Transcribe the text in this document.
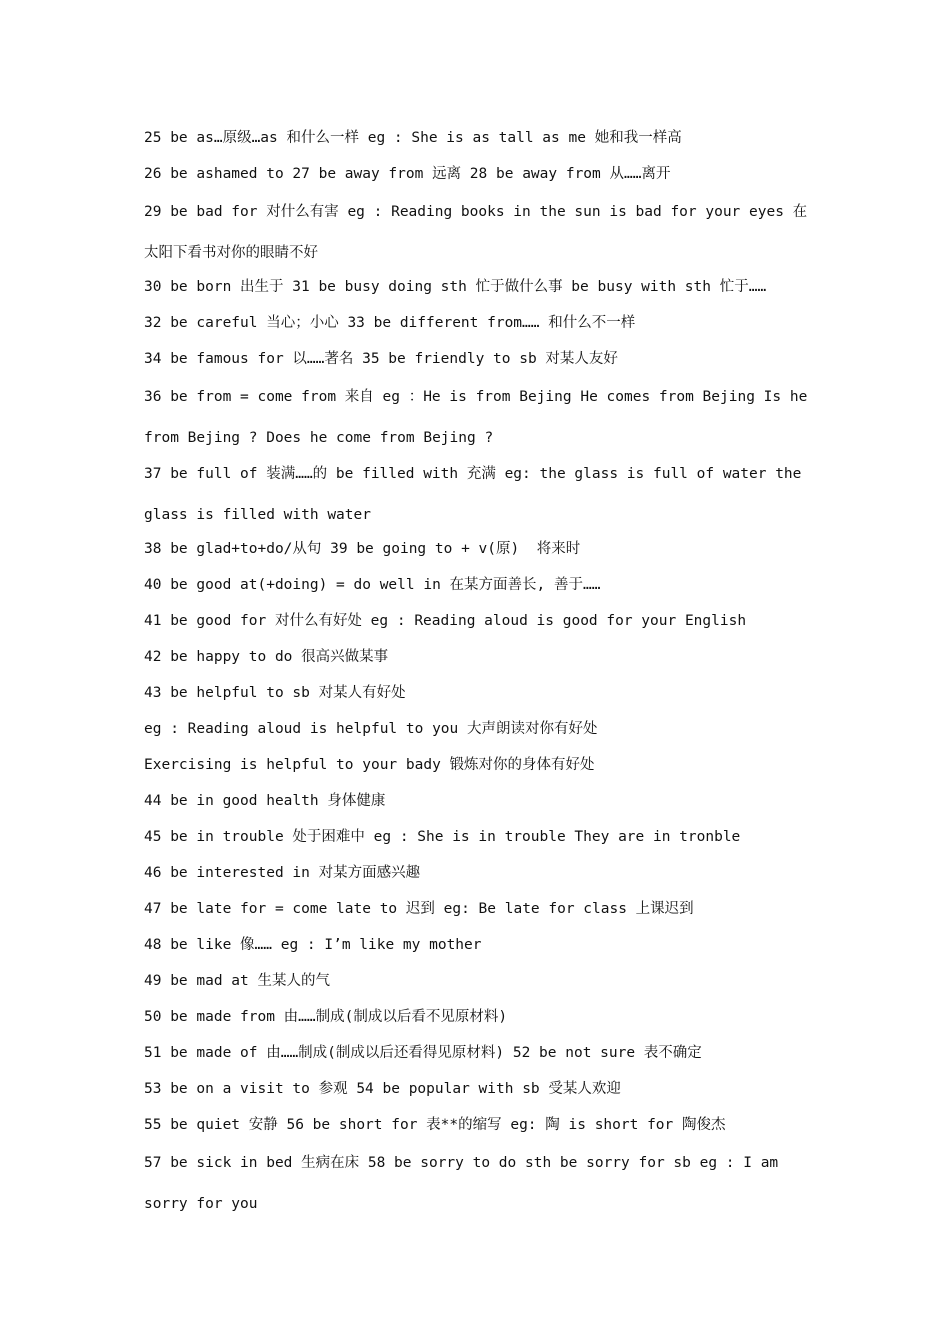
25 be as…原级…as 和什么一样 eg : She is as tall as me 她和我一样高

26 be ashamed to 27 be away from 远离 28 be away from 从……离开

29 be bad for 对什么有害 eg : Reading books in the sun is bad for your eyes 在太阳下看书对你的眼睛不好

30 be born 出生于 31 be busy doing sth 忙于做什么事 be busy with sth 忙于……

32 be careful 当心；小心 33 be different from…… 和什么不一样

34 be famous for 以……著名 35 be friendly to sb 对某人友好

36 be from = come from 来自 eg ：He is from Bejing He comes from Bejing Is he from Bejing ? Does he come from Bejing ?

37 be full of 装满……的 be filled with 充满 eg: the glass is full of water the glass is filled with water

38 be glad+to+do/从句 39 be going to + v(原)  将来时

40 be good at(+doing) = do well in 在某方面善长, 善于……

41 be good for 对什么有好处 eg : Reading aloud is good for your English

42 be happy to do 很高兴做某事

43 be helpful to sb 对某人有好处

eg : Reading aloud is helpful to you 大声朗读对你有好处

Exercising is helpful to your bady 锻炼对你的身体有好处

44 be in good health 身体健康

45 be in trouble 处于困难中 eg : She is in trouble They are in tronble

46 be interested in 对某方面感兴趣

47 be late for = come late to 迟到 eg: Be late for class 上课迟到

48 be like 像…… eg : I’m like my mother

49 be mad at 生某人的气

50 be made from 由……制成(制成以后看不见原材料)

51 be made of 由……制成(制成以后还看得见原材料) 52 be not sure 表不确定

53 be on a visit to 参观 54 be popular with sb 受某人欢迎

55 be quiet 安静 56 be short for 表**的缩写 eg: 陶 is short for 陶俊杰

57 be sick in bed 生病在床 58 be sorry to do sth be sorry for sb eg : I am sorry for you
